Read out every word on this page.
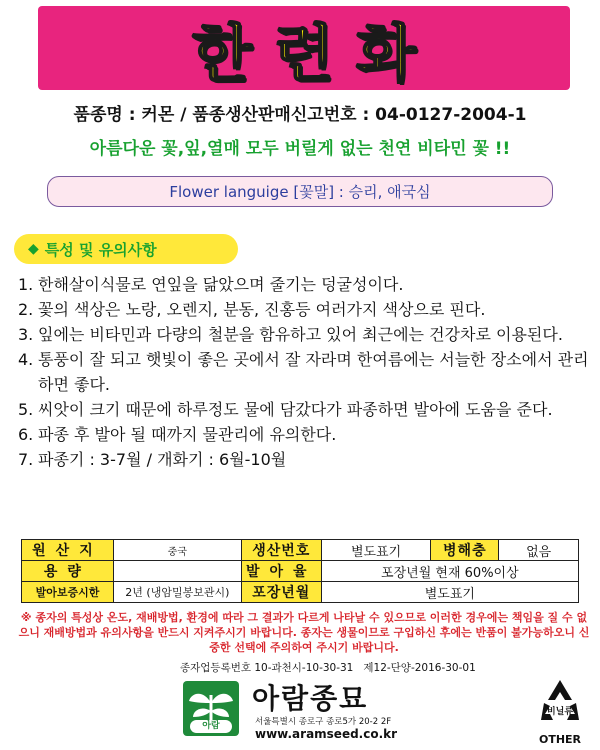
한련화
품종명 : 커몬 / 품종생산판매신고번호 : 04-0127-2004-1
아름다운 꽃,잎,열매 모두 버릴게 없는 천연 비타민 꽃 !!
Flower languige [꽃말] : 승리, 애국심
◆ 특성 및 유의사항
1. 한해살이식물로 연잎을 닮았으며 줄기는 덩굴성이다.
2. 꽃의 색상은 노랑, 오렌지, 분동, 진홍등 여러가지 색상으로 핀다.
3. 잎에는 비타민과 다량의 철분을 함유하고 있어 최근에는 건강차로 이용된다.
4. 통풍이 잘 되고 햇빛이 좋은 곳에서 잘 자라며 한여름에는 서늘한 장소에서 관리하면 좋다.
5. 씨앗이 크기 때문에 하루정도 물에 담갔다가 파종하면 발아에 도움을 준다.
6. 파종 후 발아 될 때까지 물관리에 유의한다.
7. 파종기 : 3-7월 / 개화기 : 6월-10월
원산지	중국	생산번호	별도표기	병해충	없음
용량		발아율	포장년월 현재 60%이상		
발아보증시한	2년 (냉암밀봉보관시)	포장년월	별도표기		
※ 종자의 특성상 온도, 재배방법, 환경에 따라 그 결과가 다르게 나타날 수 있으므로 이러한 경우에는 책임을 질 수 없으니 재배방법과 유의사항을 반드시 지켜주시기 바랍니다. 종자는 생물이므로 구입하신 후에는 반품이 불가능하오니 신중한 선택에 주의하여 주시기 바랍니다.
종자업등록번호 10-과천시-10-30-31 제12-단양-2016-30-01
아람
아람종묘
서울특별시 종로구 종로5가 20-2 2F
www.aramseed.co.kr
비닐류
OTHER
